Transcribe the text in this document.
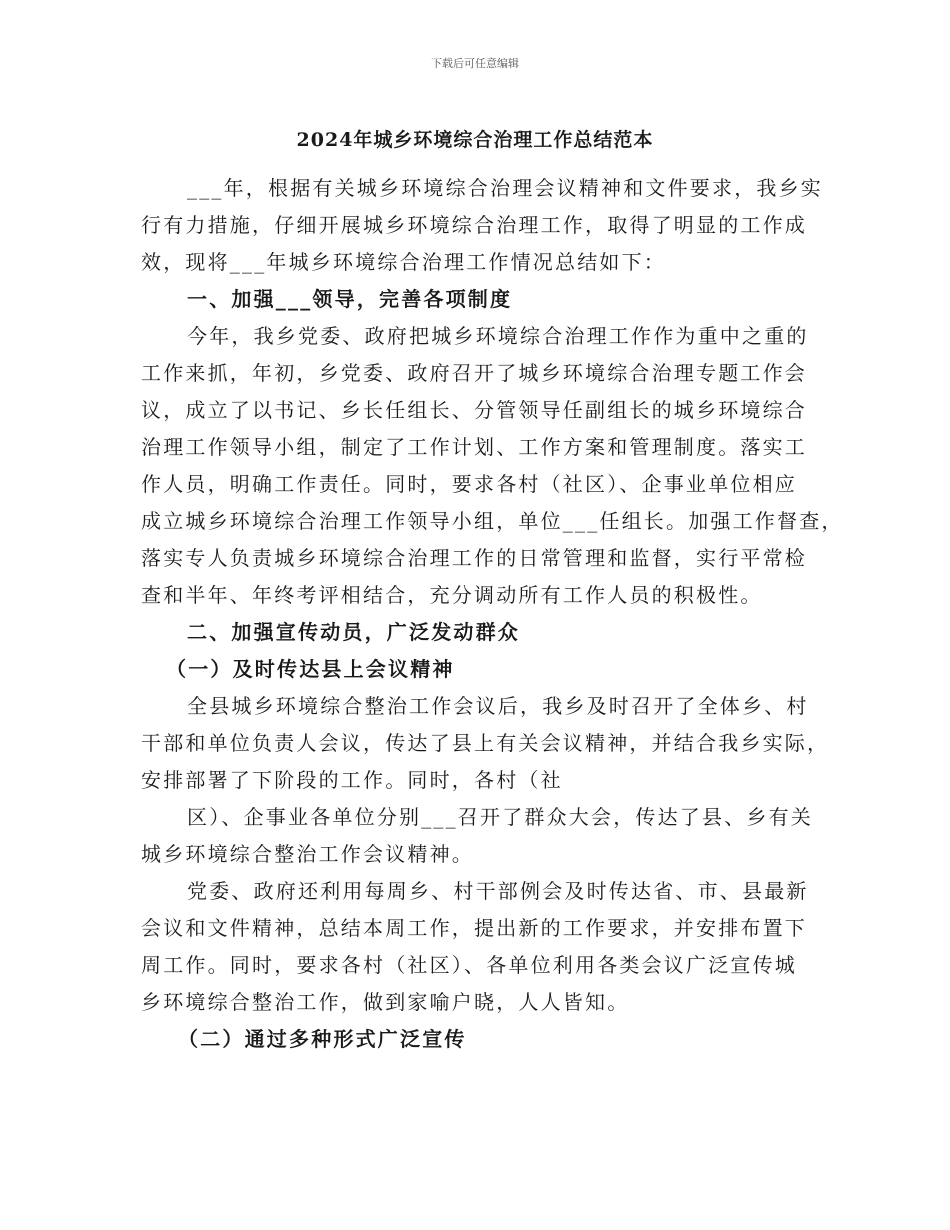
下载后可任意编辑
2024年城乡环境综合治理工作总结范本
___年，根据有关城乡环境综合治理会议精神和文件要求，我乡实
行有力措施，仔细开展城乡环境综合治理工作，取得了明显的工作成
效，现将___年城乡环境综合治理工作情况总结如下：
一、加强___领导，完善各项制度
今年，我乡党委、政府把城乡环境综合治理工作作为重中之重的
工作来抓，年初，乡党委、政府召开了城乡环境综合治理专题工作会
议，成立了以书记、乡长任组长、分管领导任副组长的城乡环境综合
治理工作领导小组，制定了工作计划、工作方案和管理制度。落实工
作人员，明确工作责任。同时，要求各村（社区）、企事业单位相应
成立城乡环境综合治理工作领导小组，单位___任组长。加强工作督查，
落实专人负责城乡环境综合治理工作的日常管理和监督，实行平常检
查和半年、年终考评相结合，充分调动所有工作人员的积极性。
二、加强宣传动员，广泛发动群众
（一）及时传达县上会议精神
全县城乡环境综合整治工作会议后，我乡及时召开了全体乡、村
干部和单位负责人会议，传达了县上有关会议精神，并结合我乡实际，
安排部署了下阶段的工作。同时，各村（社
区）、企事业各单位分别___召开了群众大会，传达了县、乡有关
城乡环境综合整治工作会议精神。
党委、政府还利用每周乡、村干部例会及时传达省、市、县最新
会议和文件精神，总结本周工作，提出新的工作要求，并安排布置下
周工作。同时，要求各村（社区）、各单位利用各类会议广泛宣传城
乡环境综合整治工作，做到家喻户晓，人人皆知。
（二）通过多种形式广泛宣传
